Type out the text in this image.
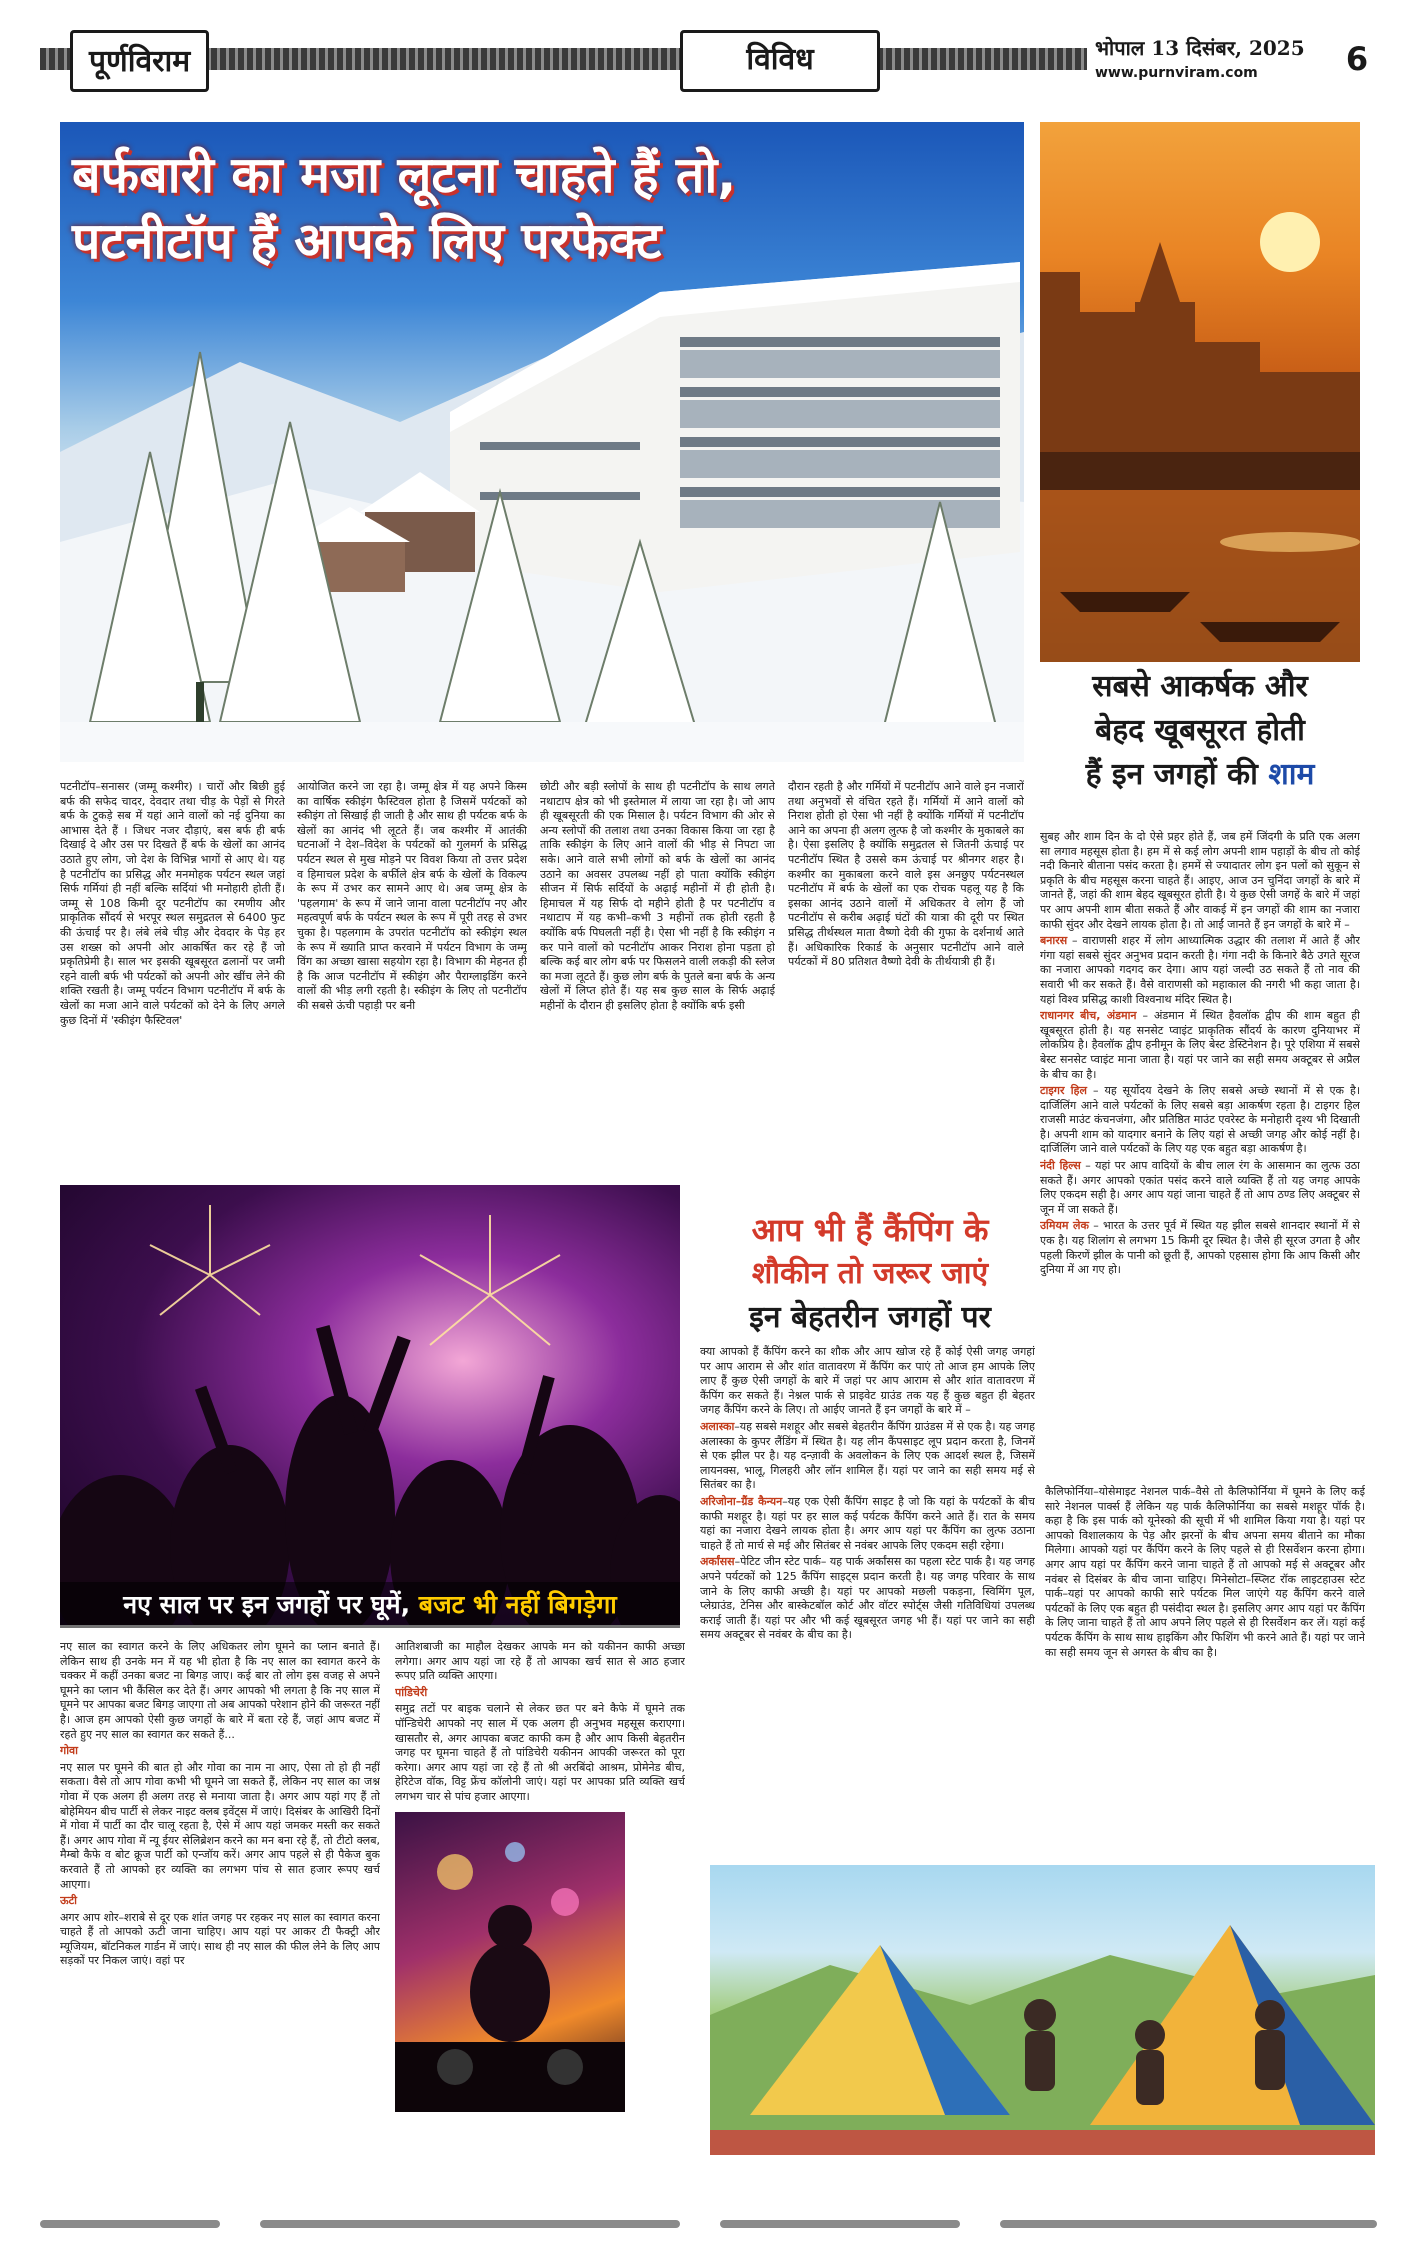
पूर्णविराम	विविध	भोपाल 13 दिसंबर, 2025
www.purnviram.com	6
बर्फबारी का मजा लूटना चाहते हैं तो,
पटनीटॉप हैं आपके लिए परफेक्ट
सबसे आकर्षक और
बेहद खूबसूरत होती
हैं इन जगहों की शाम
पटनीटॉप–सनासर (जम्मू कश्मीर) । चारों और बिछी हुई बर्फ की सफेद चादर, देवदार तथा चीड़ के पेड़ों से गिरते बर्फ के टुकड़े सब में यहां आने वालों को नई दुनिया का आभास देते हैं । जिधर नजर दौड़ाएं, बस बर्फ ही बर्फ दिखाई दे और उस पर दिखते हैं बर्फ के खेलों का आनंद उठाते हुए लोग, जो देश के विभिन्न भागों से आए थे। यह है पटनीटॉप का प्रसिद्ध और मनमोहक पर्यटन स्थल जहां सिर्फ गर्मियां ही नहीं बल्कि सर्दियां भी मनोहारी होती हैं। जम्मू से 108 किमी दूर पटनीटॉप का रमणीय और प्राकृतिक सौंदर्य से भरपूर स्थल समुद्रतल से 6400 फुट की ऊंचाई पर है। लंबे लंबे चीड़ और देवदार के पेड़ हर उस शख्स को अपनी ओर आकर्षित कर रहे हैं जो प्रकृतिप्रेमी है। साल भर इसकी खूबसूरत ढलानों पर जमी रहने वाली बर्फ भी पर्यटकों को अपनी ओर खींच लेने की शक्ति रखती है। जम्मू पर्यटन विभाग पटनीटॉप में बर्फ के खेलों का मजा आने वाले पर्यटकों को देने के लिए अगले कुछ दिनों में 'स्कीइंग फैस्टिवल'
आयोजित करने जा रहा है। जम्मू क्षेत्र में यह अपने किस्म का वार्षिक स्कीइंग फैस्टिवल होता है जिसमें पर्यटकों को स्कीइंग तो सिखाई ही जाती है और साथ ही पर्यटक बर्फ के खेलों का आनंद भी लूटते हैं। जब कश्मीर में आतंकी घटनाओं ने देश–विदेश के पर्यटकों को गुलमर्ग के प्रसिद्ध पर्यटन स्थल से मुख मोड़ने पर विवश किया तो उत्तर प्रदेश व हिमाचल प्रदेश के बर्फीले क्षेत्र बर्फ के खेलों के विकल्प के रूप में उभर कर सामने आए थे। अब जम्मू क्षेत्र के 'पहलगाम' के रूप में जाने जाना वाला पटनीटॉप नए और महत्वपूर्ण बर्फ के पर्यटन स्थल के रूप में पूरी तरह से उभर चुका है। पहलगाम के उपरांत पटनीटॉप को स्कीइंग स्थल के रूप में ख्याति प्राप्त करवाने में पर्यटन विभाग के जम्मू विंग का अच्छा खासा सहयोग रहा है। विभाग की मेहनत ही है कि आज पटनीटॉप में स्कीइंग और पैराग्लाइडिंग करने वालों की भीड़ लगी रहती है। स्कीइंग के लिए तो पटनीटॉप की सबसे ऊंची पहाड़ी पर बनी
छोटी और बड़ी स्लोपों के साथ ही पटनीटॉप के साथ लगते नथाटाप क्षेत्र को भी इस्तेमाल में लाया जा रहा है। जो आप ही खूबसूरती की एक मिसाल है। पर्यटन विभाग की ओर से अन्य स्लोपों की तलाश तथा उनका विकास किया जा रहा है ताकि स्कीइंग के लिए आने वालों की भीड़ से निपटा जा सके। आने वाले सभी लोगों को बर्फ के खेलों का आनंद उठाने का अवसर उपलब्ध नहीं हो पाता क्योंकि स्कीइंग सीजन में सिर्फ सर्दियों के अढ़ाई महीनों में ही होती है। हिमाचल में यह सिर्फ दो महीने होती है पर पटनीटॉप व नथाटाप में यह कभी–कभी 3 महीनों तक होती रहती है क्योंकि बर्फ पिघलती नहीं है। ऐसा भी नहीं है कि स्कीइंग न कर पाने वालों को पटनीटॉप आकर निराश होना पड़ता हो बल्कि कई बार लोग बर्फ पर फिसलने वाली लकड़ी की स्लेज का मजा लूटते हैं। कुछ लोग बर्फ के पुतले बना बर्फ के अन्य खेलों में लिप्त होते हैं। यह सब कुछ साल के सिर्फ अढ़ाई महीनों के दौरान ही इसलिए होता है क्योंकि बर्फ इसी
दौरान रहती है और गर्मियों में पटनीटॉप आने वाले इन नजारों तथा अनुभवों से वंचित रहते हैं। गर्मियों में आने वालों को निराश होती हो ऐसा भी नहीं है क्योंकि गर्मियों में पटनीटॉप आने का अपना ही अलग लुत्फ है जो कश्मीर के मुकाबले का है। ऐसा इसलिए है क्योंकि समुद्रतल से जितनी ऊंचाई पर पटनीटॉप स्थित है उससे कम ऊंचाई पर श्रीनगर शहर है। कश्मीर का मुकाबला करने वाले इस अनछुए पर्यटनस्थल पटनीटॉप में बर्फ के खेलों का एक रोचक पहलू यह है कि इसका आनंद उठाने वालों में अधिकतर वे लोग हैं जो पटनीटॉप से करीब अढ़ाई घंटों की यात्रा की दूरी पर स्थित प्रसिद्ध तीर्थस्थल माता वैष्णो देवी की गुफा के दर्शनार्थ आते हैं। अधिकारिक रिकार्ड के अनुसार पटनीटॉप आने वाले पर्यटकों में 80 प्रतिशत वैष्णो देवी के तीर्थयात्री ही हैं।

सुबह और शाम दिन के दो ऐसे प्रहर होते हैं, जब हमें जिंदगी के प्रति एक अलग सा लगाव महसूस होता है। हम में से कई लोग अपनी शाम पहाड़ों के बीच तो कोई नदी किनारे बीताना पसंद करता है। हममें से ज्यादातर लोग इन पलों को सुकून से प्रकृति के बीच महसूस करना चाहते हैं। आइए, आज उन चुनिंदा जगहों के बारे में जानते हैं, जहां की शाम बेहद खूबसूरत होती है। ये कुछ ऐसी जगहें के बारे में जहां पर आप अपनी शाम बीता सकते हैं और वाकई में इन जगहों की शाम का नजारा काफी सुंदर और देखने लायक होता है। तो आईं जानते हैं इन जगहों के बारे में –

बनारस – वाराणसी शहर में लोग आध्यात्मिक उद्धार की तलाश में आते हैं और गंगा यहां सबसे सुंदर अनुभव प्रदान करती है। गंगा नदी के किनारे बैठे उगते सूरज का नजारा आपको गदगद कर देगा। आप यहां जल्दी उठ सकते हैं तो नाव की सवारी भी कर सकते हैं। वैसे वाराणसी को महाकाल की नगरी भी कहा जाता है। यहां विश्व प्रसिद्ध काशी विश्वनाथ मंदिर स्थित है।

राधानगर बीच, अंडमान – अंडमान में स्थित हैवलॉक द्वीप की शाम बहुत ही खूबसूरत होती है। यह सनसेट प्वाइंट प्राकृतिक सौंदर्य के कारण दुनियाभर में लोकप्रिय है। हैवलॉक द्वीप हनीमून के लिए बेस्ट डेस्टिनेशन है। पूरे एशिया में सबसे बेस्ट सनसेट प्वाइंट माना जाता है। यहां पर जाने का सही समय अक्टूबर से अप्रैल के बीच का है।

टाइगर हिल – यह सूर्योदय देखने के लिए सबसे अच्छे स्थानों में से एक है। दार्जिलिंग आने वाले पर्यटकों के लिए सबसे बड़ा आकर्षण रहता है। टाइगर हिल राजसी माउंट कंचनजंगा, और प्रतिष्ठित माउंट एवरेस्ट के मनोहारी दृश्य भी दिखाती है। अपनी शाम को यादगार बनाने के लिए यहां से अच्छी जगह और कोई नहीं है। दार्जिलिंग जाने वाले पर्यटकों के लिए यह एक बहुत बड़ा आकर्षण है।

नंदी हिल्स – यहां पर आप वादियों के बीच लाल रंग के आसमान का लुत्फ उठा सकते हैं। अगर आपको एकांत पसंद करने वाले व्यक्ति हैं तो यह जगह आपके लिए एकदम सही है। अगर आप यहां जाना चाहते हैं तो आप ठण्ड लिए अक्टूबर से जून में जा सकते हैं।

उमियम लेक – भारत के उत्तर पूर्व में स्थित यह झील सबसे शानदार स्थानों में से एक है। यह शिलांग से लगभग 15 किमी दूर स्थित है। जैसे ही सूरज उगता है और पहली किरणें झील के पानी को छूती हैं, आपको एहसास होगा कि आप किसी और दुनिया में आ गए हो।

नए साल पर इन जगहों पर घूमें, बजट भी नहीं बिगड़ेगा

नए साल का स्वागत करने के लिए अधिकतर लोग घूमने का प्लान बनाते हैं। लेकिन साथ ही उनके मन में यह भी होता है कि नए साल का स्वागत करने के चक्कर में कहीं उनका बजट ना बिगड़ जाए। कई बार तो लोग इस वजह से अपने घूमने का प्लान भी कैंसिल कर देते हैं। अगर आपको भी लगता है कि नए साल में घूमने पर आपका बजट बिगड़ जाएगा तो अब आपको परेशान होने की जरूरत नहीं है। आज हम आपको ऐसी कुछ जगहों के बारे में बता रहे हैं, जहां आप बजट में रहते हुए नए साल का स्वागत कर सकते हैं...

गोवा

नए साल पर घूमने की बात हो और गोवा का नाम ना आए, ऐसा तो हो ही नहीं सकता। वैसे तो आप गोवा कभी भी घूमने जा सकते हैं, लेकिन नए साल का जश्न गोवा में एक अलग ही अलग तरह से मनाया जाता है। अगर आप यहां गए हैं तो बोहेमियन बीच पार्टी से लेकर नाइट क्लब इवेंट्स में जाएं। दिसंबर के आखिरी दिनों में गोवा में पार्टी का दौर चालू रहता है, ऐसे में आप यहां जमकर मस्ती कर सकते हैं। अगर आप गोवा में न्यू ईयर सेलिब्रेशन करने का मन बना रहे हैं, तो टीटो क्लब, मैम्बो कैफे व बोट क्रूज पार्टी को एन्जॉय करें। अगर आप पहले से ही पैकेज बुक करवाते हैं तो आपको हर व्यक्ति का लगभग पांच से सात हजार रूपए खर्च आएगा।

ऊटी

अगर आप शोर–शराबे से दूर एक शांत जगह पर रहकर नए साल का स्वागत करना चाहते हैं तो आपको ऊटी जाना चाहिए। आप यहां पर आकर टी फैक्ट्री और म्यूजियम, बॉटनिकल गार्डन में जाएं। साथ ही नए साल की फील लेने के लिए आप सड़कों पर निकल जाएं। वहां पर

आतिशबाजी का माहौल देखकर आपके मन को यकीनन काफी अच्छा लगेगा। अगर आप यहां जा रहे हैं तो आपका खर्च सात से आठ हजार रूपए प्रति व्यक्ति आएगा।

पांडिचेरी

समुद्र तटों पर बाइक चलाने से लेकर छत पर बने कैफे में घूमने तक पॉन्डिचेरी आपको नए साल में एक अलग ही अनुभव महसूस कराएगा। खासतौर से, अगर आपका बजट काफी कम है और आप किसी बेहतरीन जगह पर घूमना चाहते हैं तो पांडिचेरी यकीनन आपकी जरूरत को पूरा करेगा। अगर आप यहां जा रहे हैं तो श्री अरबिंदो आश्रम, प्रोमेनेड बीच, हेरिटेज वॉक, विट्ट फ्रेंच कॉलोनी जाएं। यहां पर आपका प्रति व्यक्ति खर्च लगभग चार से पांच हजार आएगा।

आप भी हैं कैंपिंग के
शौकीन तो जरूर जाएं
इन बेहतरीन जगहों पर

क्या आपको हैं कैंपिंग करने का शौक और आप खोज रहे हैं कोई ऐसी जगह जगहां पर आप आराम से और शांत वातावरण में कैंपिंग कर पाएं तो आज हम आपके लिए लाए हैं कुछ ऐसी जगहों के बारे में जहां पर आप आराम से और शांत वातावरण में कैंपिंग कर सकते हैं। नेश्नल पार्क से प्राइवेट ग्राउंड तक यह हैं कुछ बहुत ही बेहतर जगह कैंपिंग करने के लिए। तो आईए जानते हैं इन जगहों के बारे में –

अलास्का–यह सबसे मशहूर और सबसे बेहतरीन कैंपिंग ग्राउंडस में से एक है। यह जगह अलास्का के कुपर लैंडिंग में स्थित है। यह लीन कैंपसाइट लूप प्रदान करता है, जिनमें से एक झील पर है। यह दन्ज़ावी के अवलोकन के लिए एक आदर्श स्थल है, जिसमें लायनक्स, भालू, गिलहरी और लॉन शामिल हैं। यहां पर जाने का सही समय मई से सितंबर का है।

अरिजोना–ग्रैंड कैन्यन–यह एक ऐसी कैंपिंग साइट है जो कि यहां के पर्यटकों के बीच काफी मशहूर है। यहां पर हर साल कई पर्यटक कैंपिंग करने आते हैं। रात के समय यहां का नजारा देखने लायक होता है। अगर आप यहां पर कैंपिंग का लुत्फ उठाना चाहते हैं तो मार्च से मई और सितंबर से नवंबर आपके लिए एकदम सही रहेगा।

अर्कांसस–पेटिट जीन स्टेट पार्क– यह पार्क अर्कांसस का पहला स्टेट पार्क है। यह जगह अपने पर्यटकों को 125 कैंपिंग साइट्स प्रदान करती है। यह जगह परिवार के साथ जाने के लिए काफी अच्छी है। यहां पर आपको मछली पकड़ना, स्विमिंग पूल, प्लेग्राउंड, टेनिस और बास्केटबॉल कोर्ट और वॉटर स्पोर्ट्स जैसी गतिविधियां उपलब्ध कराई जाती हैं। यहां पर और भी कई खूबसूरत जगह भी हैं। यहां पर जाने का सही समय अक्टूबर से नवंबर के बीच का है।

कैलिफोर्निया–योसेमाइट नेशनल पार्क–वैसे तो कैलिफोर्निया में घूमने के लिए कई सारे नेशनल पार्क्स हैं लेकिन यह पार्क कैलिफोर्निया का सबसे मशहूर पॉर्क है। कहा है कि इस पार्क को यूनेस्को की सूची में भी शामिल किया गया है। यहां पर आपको विशालकाय के पेड़ और झरनों के बीच अपना समय बीताने का मौका मिलेगा। आपको यहां पर कैंपिंग करने के लिए पहले से ही रिसर्वेशन करना होगा। अगर आप यहां पर कैंपिंग करने जाना चाहते हैं तो आपको मई से अक्टूबर और नवंबर से दिसंबर के बीच जाना चाहिए। मिनेसोटा–स्प्लिट रॉक लाइटहाउस स्टेट पार्क–यहां पर आपको काफी सारे पर्यटक मिल जाएंगे यह कैंपिंग करने वाले पर्यटकों के लिए एक बहुत ही पसंदीदा स्थल है। इसलिए अगर आप यहां पर कैंपिंग के लिए जाना चाहते हैं तो आप अपने लिए पहले से ही रिसर्वेशन कर लें। यहां कई पर्यटक कैंपिंग के साथ साथ हाइकिंग और फिशिंग भी करने आते हैं। यहां पर जाने का सही समय जून से अगस्त के बीच का है।
